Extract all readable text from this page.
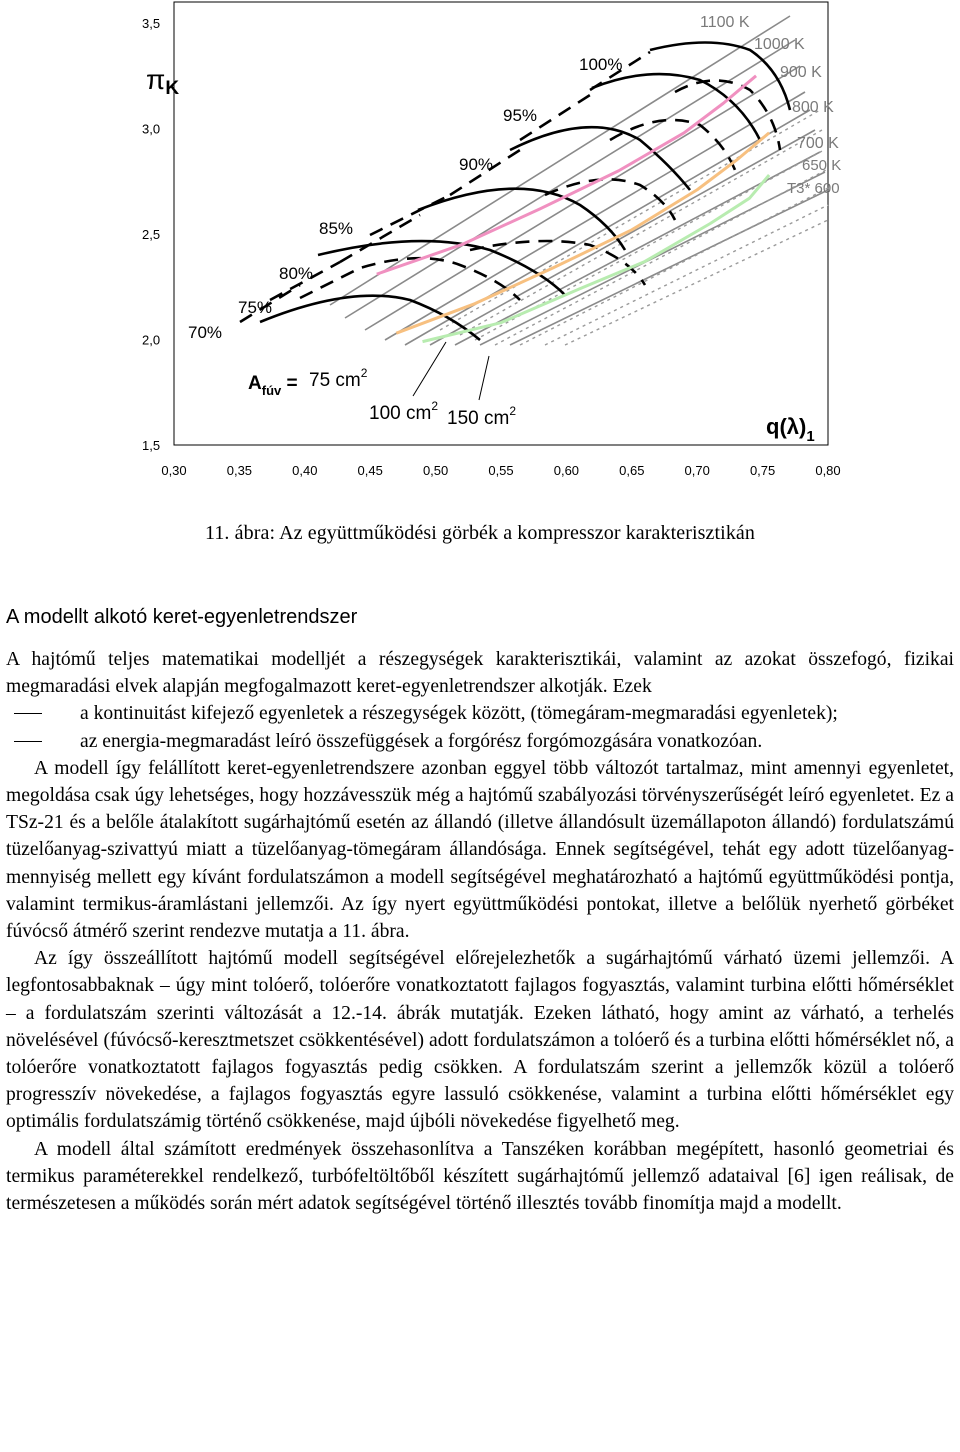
1,5
2,0
2,5
3,0
3,5
0,30	0,35	0,40	0,45	0,50	0,55	0,60	0,65	0,70	0,75	0,80
70%
75%
80%
85%
90%
95%
100%
1100 K
1000 K
900 K
800 K
700 K
650 K
T3* 600
πK
$q(\lambda)_1$
$A_{fúv} = 75$ $cm^2$
100 $cm^2$
150 $cm^2$
11. ábra: Az együttműködési görbék a kompresszor karakterisztikán
A modellt alkotó keret-egyenletrendszer

A hajtómű teljes matematikai modelljét a részegységek karakterisztikái, valamint az azokat összefogó, fizikai megmaradási elvek alapján megfogalmazott keret-egyenletrendszer alkotják. Ezek

a kontinuitást kifejező egyenletek a részegységek között, (tömegáram-megmaradási egyenletek);
az energia-megmaradást leíró összefüggések a forgórész forgómozgására vonatkozóan.

A modell így felállított keret-egyenletrendszere azonban eggyel több változót tartalmaz, mint amennyi egyenletet, megoldása csak úgy lehetséges, hogy hozzávesszük még a hajtómű szabályozási törvényszerűségét leíró egyenletet. Ez a TSz-21 és a belőle átalakított sugárhajtómű esetén az állandó (illetve állandósult üzemállapoton állandó) fordulatszámú tüzelőanyag-szivattyú miatt a tüzelőanyag-tömegáram állandósága. Ennek segítségével, tehát egy adott tüzelőanyag-mennyiség mellett egy kívánt fordulatszámon a modell segítségével meghatározható a hajtómű együttműködési pontja, valamint termikus-áramlástani jellemzői. Az így nyert együttműködési pontokat, illetve a belőlük nyerhető görbéket fúvócső átmérő szerint rendezve mutatja a 11. ábra.

Az így összeállított hajtómű modell segítségével előrejelezhetők a sugárhajtómű várható üzemi jellemzői. A legfontosabbaknak – úgy mint tolóerő, tolóerőre vonatkoztatott fajlagos fogyasztás, valamint turbina előtti hőmérséklet – a fordulatszám szerinti változását a 12.-14. ábrák mutatják. Ezeken látható, hogy amint az várható, a terhelés növelésével (fúvócső-keresztmetszet csökkentésével) adott fordulatszámon a tolóerő és a turbina előtti hőmérséklet nő, a tolóerőre vonatkoztatott fajlagos fogyasztás pedig csökken. A fordulatszám szerint a jellemzők közül a tolóerő progresszív növekedése, a fajlagos fogyasztás egyre lassuló csökkenése, valamint a turbina előtti hőmérséklet egy optimális fordulatszámig történő csökkenése, majd újbóli növekedése figyelhető meg.

A modell által számított eredmények összehasonlítva a Tanszéken korábban megépített, hasonló geometriai és termikus paraméterekkel rendelkező, turbófeltöltőből készített sugárhajtómű jellemző adataival [6] igen reálisak, de természetesen a működés során mért adatok segítségével történő illesztés tovább finomítja majd a modellt.
